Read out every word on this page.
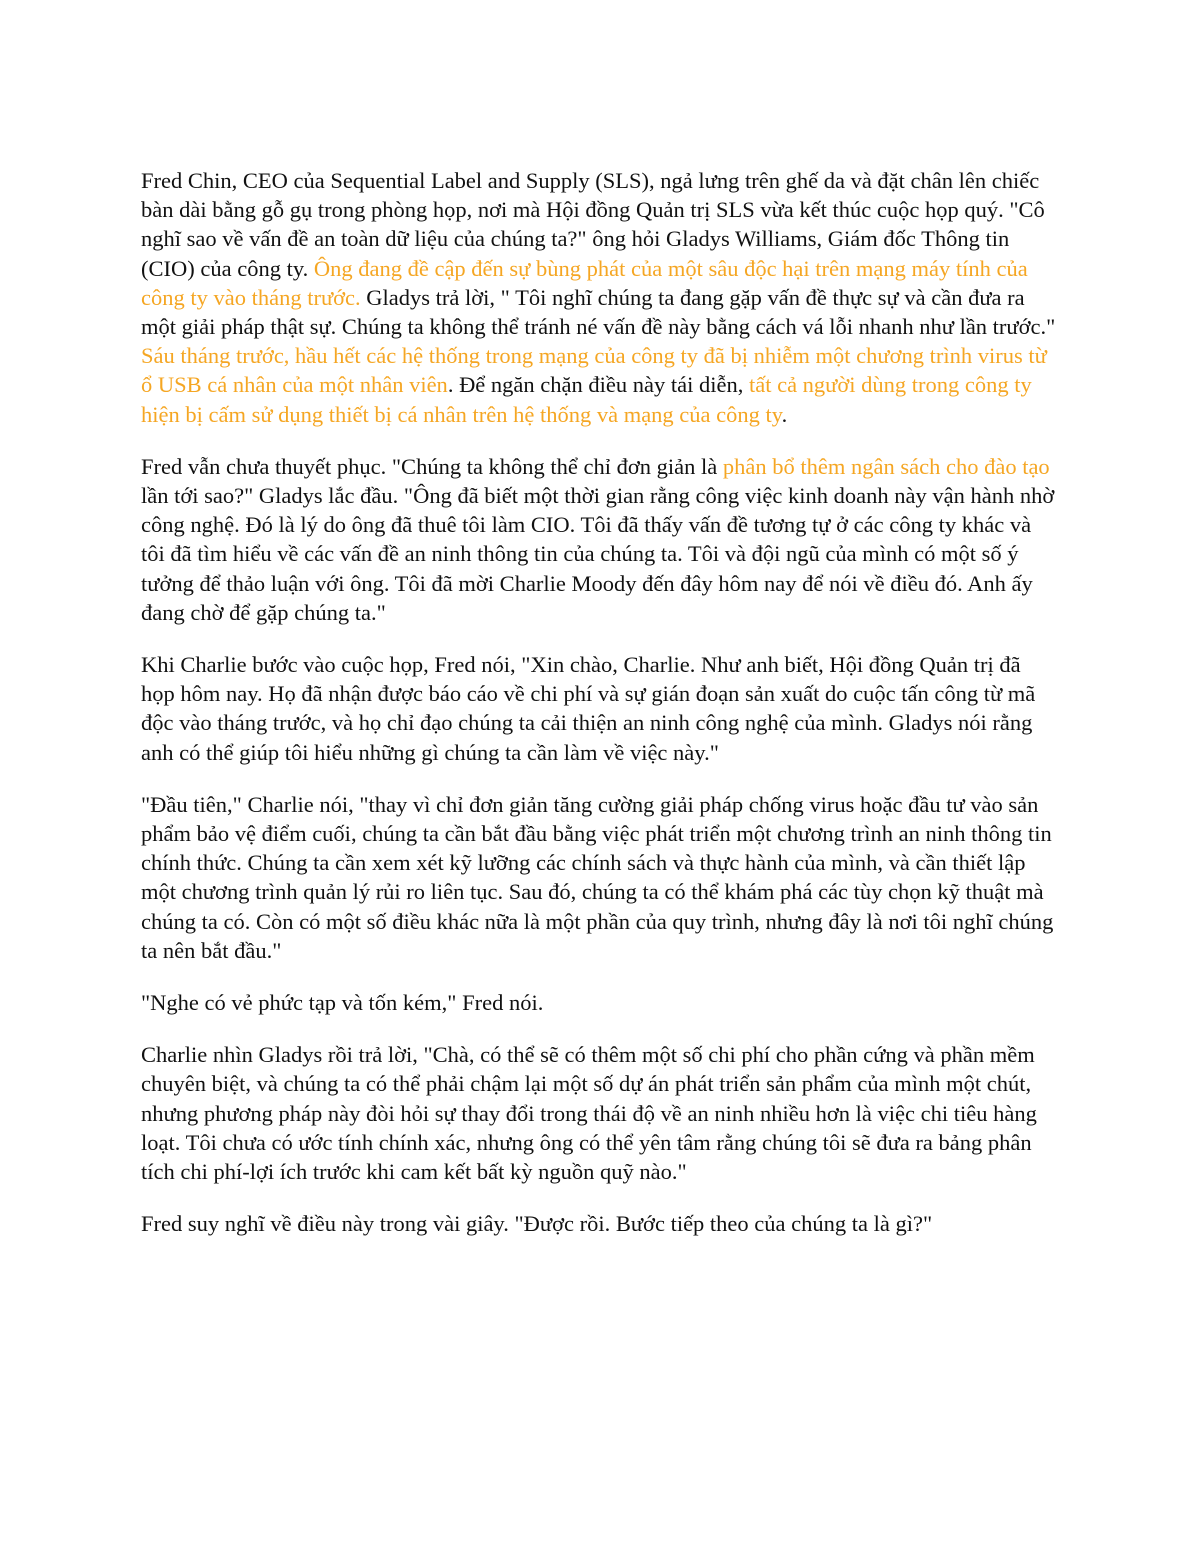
Fred Chin, CEO của Sequential Label and Supply (SLS), ngả lưng trên ghế da và đặt chân lên chiếc bàn dài bằng gỗ gụ trong phòng họp, nơi mà Hội đồng Quản trị SLS vừa kết thúc cuộc họp quý. "Cô nghĩ sao về vấn đề an toàn dữ liệu của chúng ta?" ông hỏi Gladys Williams, Giám đốc Thông tin (CIO) của công ty. Ông đang đề cập đến sự bùng phát của một sâu độc hại trên mạng máy tính của công ty vào tháng trước. Gladys trả lời, " Tôi nghĩ chúng ta đang gặp vấn đề thực sự và cần đưa ra một giải pháp thật sự. Chúng ta không thể tránh né vấn đề này bằng cách vá lỗi nhanh như lần trước." Sáu tháng trước, hầu hết các hệ thống trong mạng của công ty đã bị nhiễm một chương trình virus từ ổ USB cá nhân của một nhân viên. Để ngăn chặn điều này tái diễn, tất cả người dùng trong công ty hiện bị cấm sử dụng thiết bị cá nhân trên hệ thống và mạng của công ty.

Fred vẫn chưa thuyết phục. "Chúng ta không thể chỉ đơn giản là phân bổ thêm ngân sách cho đào tạo lần tới sao?" Gladys lắc đầu. "Ông đã biết một thời gian rằng công việc kinh doanh này vận hành nhờ công nghệ. Đó là lý do ông đã thuê tôi làm CIO. Tôi đã thấy vấn đề tương tự ở các công ty khác và tôi đã tìm hiểu về các vấn đề an ninh thông tin của chúng ta. Tôi và đội ngũ của mình có một số ý tưởng để thảo luận với ông. Tôi đã mời Charlie Moody đến đây hôm nay để nói về điều đó. Anh ấy đang chờ để gặp chúng ta."

Khi Charlie bước vào cuộc họp, Fred nói, "Xin chào, Charlie. Như anh biết, Hội đồng Quản trị đã họp hôm nay. Họ đã nhận được báo cáo về chi phí và sự gián đoạn sản xuất do cuộc tấn công từ mã độc vào tháng trước, và họ chỉ đạo chúng ta cải thiện an ninh công nghệ của mình. Gladys nói rằng anh có thể giúp tôi hiểu những gì chúng ta cần làm về việc này."

"Đầu tiên," Charlie nói, "thay vì chỉ đơn giản tăng cường giải pháp chống virus hoặc đầu tư vào sản phẩm bảo vệ điểm cuối, chúng ta cần bắt đầu bằng việc phát triển một chương trình an ninh thông tin chính thức. Chúng ta cần xem xét kỹ lưỡng các chính sách và thực hành của mình, và cần thiết lập một chương trình quản lý rủi ro liên tục. Sau đó, chúng ta có thể khám phá các tùy chọn kỹ thuật mà chúng ta có. Còn có một số điều khác nữa là một phần của quy trình, nhưng đây là nơi tôi nghĩ chúng ta nên bắt đầu."

"Nghe có vẻ phức tạp và tốn kém," Fred nói.

Charlie nhìn Gladys rồi trả lời, "Chà, có thể sẽ có thêm một số chi phí cho phần cứng và phần mềm chuyên biệt, và chúng ta có thể phải chậm lại một số dự án phát triển sản phẩm của mình một chút, nhưng phương pháp này đòi hỏi sự thay đổi trong thái độ về an ninh nhiều hơn là việc chi tiêu hàng loạt. Tôi chưa có ước tính chính xác, nhưng ông có thể yên tâm rằng chúng tôi sẽ đưa ra bảng phân tích chi phí-lợi ích trước khi cam kết bất kỳ nguồn quỹ nào."

Fred suy nghĩ về điều này trong vài giây. "Được rồi. Bước tiếp theo của chúng ta là gì?"
